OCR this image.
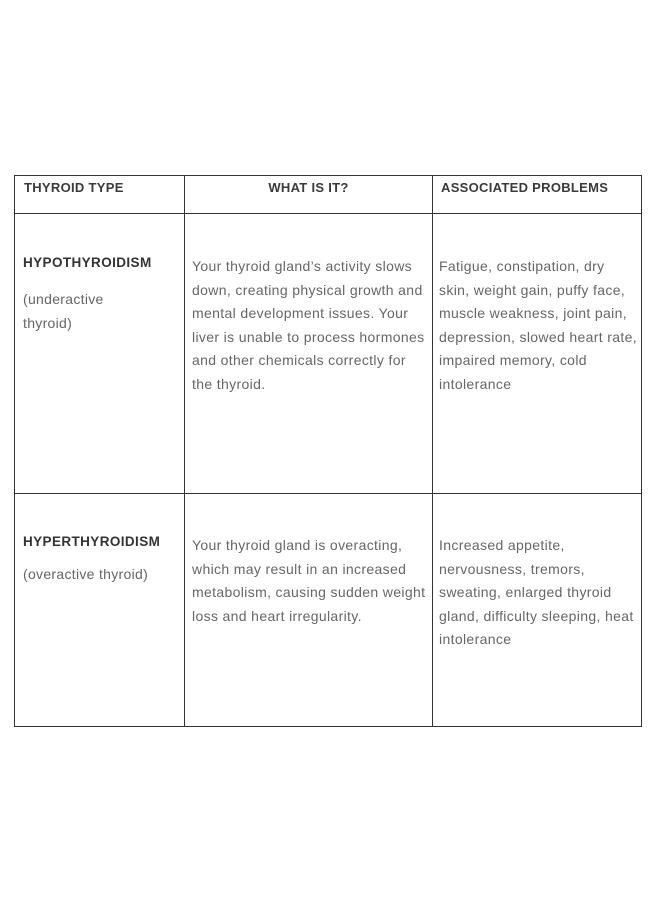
THYROID TYPE	WHAT IS IT?	ASSOCIATED PROBLEMS
HYPOTHYROIDISM
(underactive thyroid)
Your thyroid gland’s activity slows down, creating physical growth and mental development issues. Your liver is unable to process hormones and other chemicals correctly for the thyroid.
Fatigue, constipation, dry skin, weight gain, puffy face, muscle weakness, joint pain, depression, slowed heart rate, impaired memory, cold intolerance
HYPERTHYROIDISM
(overactive thyroid)
Your thyroid gland is overacting, which may result in an increased metabolism, causing sudden weight loss and heart irregularity.
Increased appetite, nervousness, tremors, sweating, enlarged thyroid gland, difficulty sleeping, heat intolerance
